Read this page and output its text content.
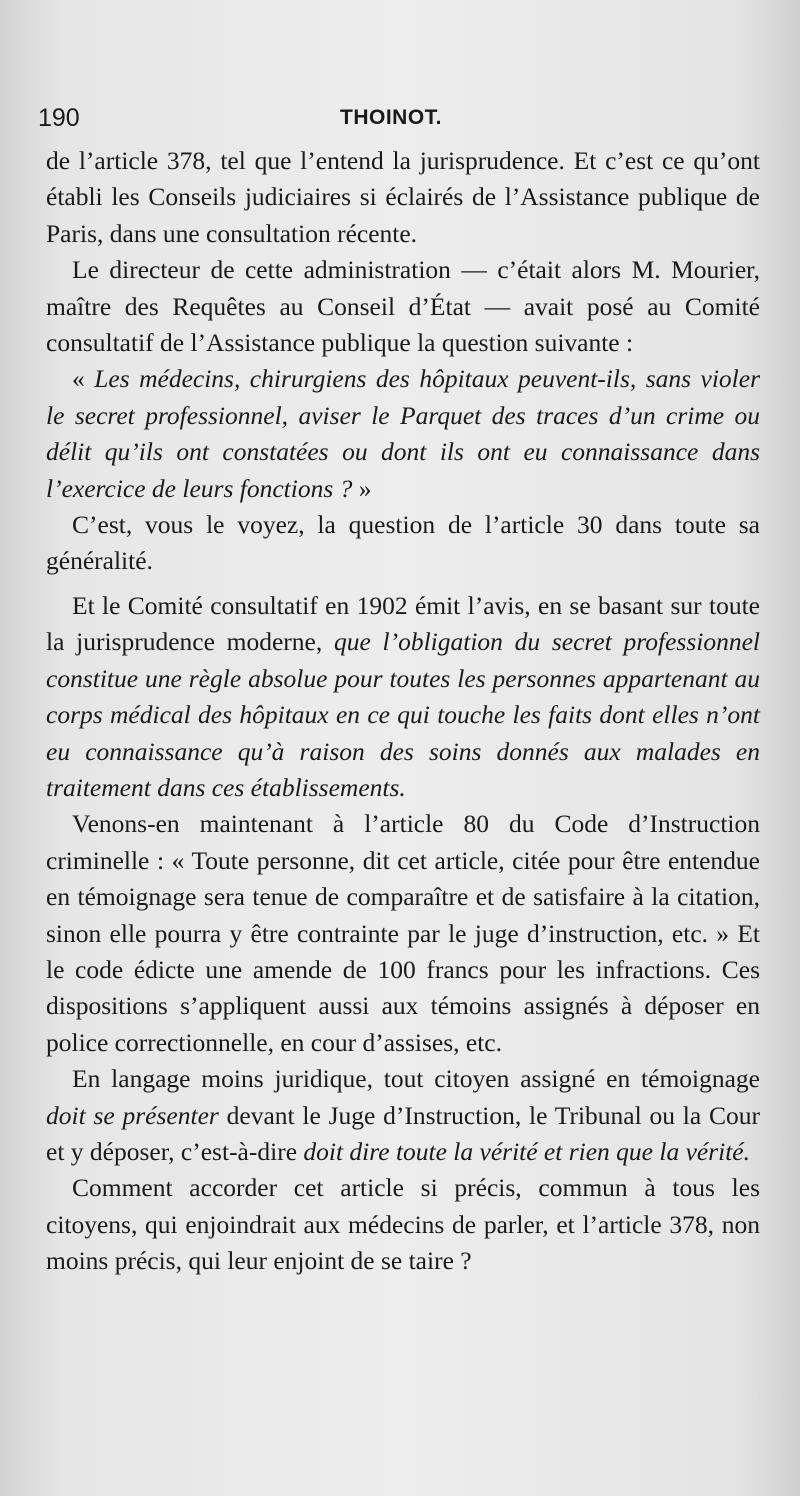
190	THOINOT.

de l’article 378, tel que l’entend la jurisprudence. Et c’est ce qu’ont établi les Conseils judiciaires si éclairés de l’Assistance publique de Paris, dans une consultation récente.

Le directeur de cette administration — c’était alors M. Mourier, maître des Requêtes au Conseil d’État — avait posé au Comité consultatif de l’Assistance publique la question suivante :

« Les médecins, chirurgiens des hôpitaux peuvent-ils, sans violer le secret professionnel, aviser le Parquet des traces d’un crime ou délit qu’ils ont constatées ou dont ils ont eu connaissance dans l’exercice de leurs fonctions ? »

C’est, vous le voyez, la question de l’article 30 dans toute sa généralité.

Et le Comité consultatif en 1902 émit l’avis, en se basant sur toute la jurisprudence moderne, que l’obligation du secret professionnel constitue une règle absolue pour toutes les personnes appartenant au corps médical des hôpitaux en ce qui touche les faits dont elles n’ont eu connaissance qu’à raison des soins donnés aux malades en traitement dans ces établissements.

Venons-en maintenant à l’article 80 du Code d’Instruction criminelle : « Toute personne, dit cet article, citée pour être entendue en témoignage sera tenue de comparaître et de satisfaire à la citation, sinon elle pourra y être contrainte par le juge d’instruction, etc. » Et le code édicte une amende de 100 francs pour les infractions. Ces dispositions s’appliquent aussi aux témoins assignés à déposer en police correctionnelle, en cour d’assises, etc.

En langage moins juridique, tout citoyen assigné en témoignage doit se présenter devant le Juge d’Instruction, le Tribunal ou la Cour et y déposer, c’est-à-dire doit dire toute la vérité et rien que la vérité.

Comment accorder cet article si précis, commun à tous les citoyens, qui enjoindrait aux médecins de parler, et l’article 378, non moins précis, qui leur enjoint de se taire ?
